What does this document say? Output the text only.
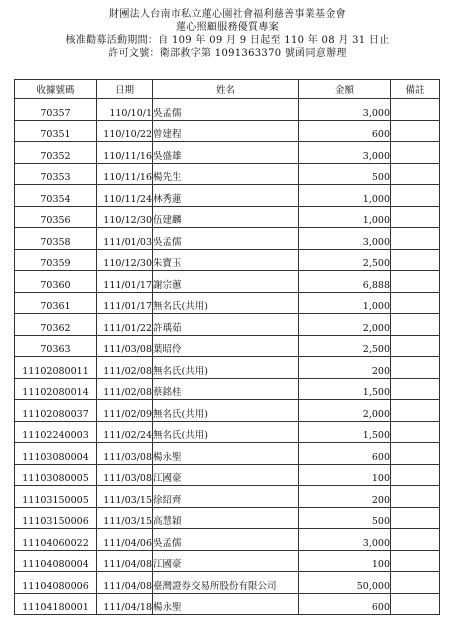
財團法人台南市私立蓮心園社會福利慈善事業基金會
蓮心照顧服務優質專案
核准勸募活動期間：自 109 年 09 月 9 日起至 110 年 08 月 31 日止
許可文號：衛部救字第 1091363370 號函同意辦理
收據號碼	日期	姓名	金額	備註
70357	110/10/1	吳孟儒	3,000	
70351	110/10/22	曾建程	600	
70352	110/11/16	吳盛雄	3,000	
70353	110/11/16	楊先生	500	
70354	110/11/24	林秀蓮	1,000	
70356	110/12/30	伍建麟	1,000	
70358	111/01/03	吳孟儒	3,000	
70359	110/12/30	朱寶玉	2,500	
70360	111/01/17	謝宗蕙	6,888	
70361	111/01/17	無名氏(共用)	1,000	
70362	111/01/22	許瑀茹	2,000	
70363	111/03/08	葉昭伶	2,500	
11102080011	111/02/08	無名氏(共用)	200	
11102080014	111/02/08	蔡銘桂	1,500	
11102080037	111/02/09	無名氏(共用)	2,000	
11102240003	111/02/24	無名氏(共用)	1,500	
11103080004	111/03/08	楊永聖	600	
11103080005	111/03/08	江國豪	100	
11103150005	111/03/15	徐紹齊	200	
11103150006	111/03/15	高慧穎	500	
11104060022	111/04/06	吳孟儒	3,000	
11104080004	111/04/08	江國豪	100	
11104080006	111/04/08	臺灣證券交易所股份有限公司	50,000	
11104180001	111/04/18	楊永聖	600	
